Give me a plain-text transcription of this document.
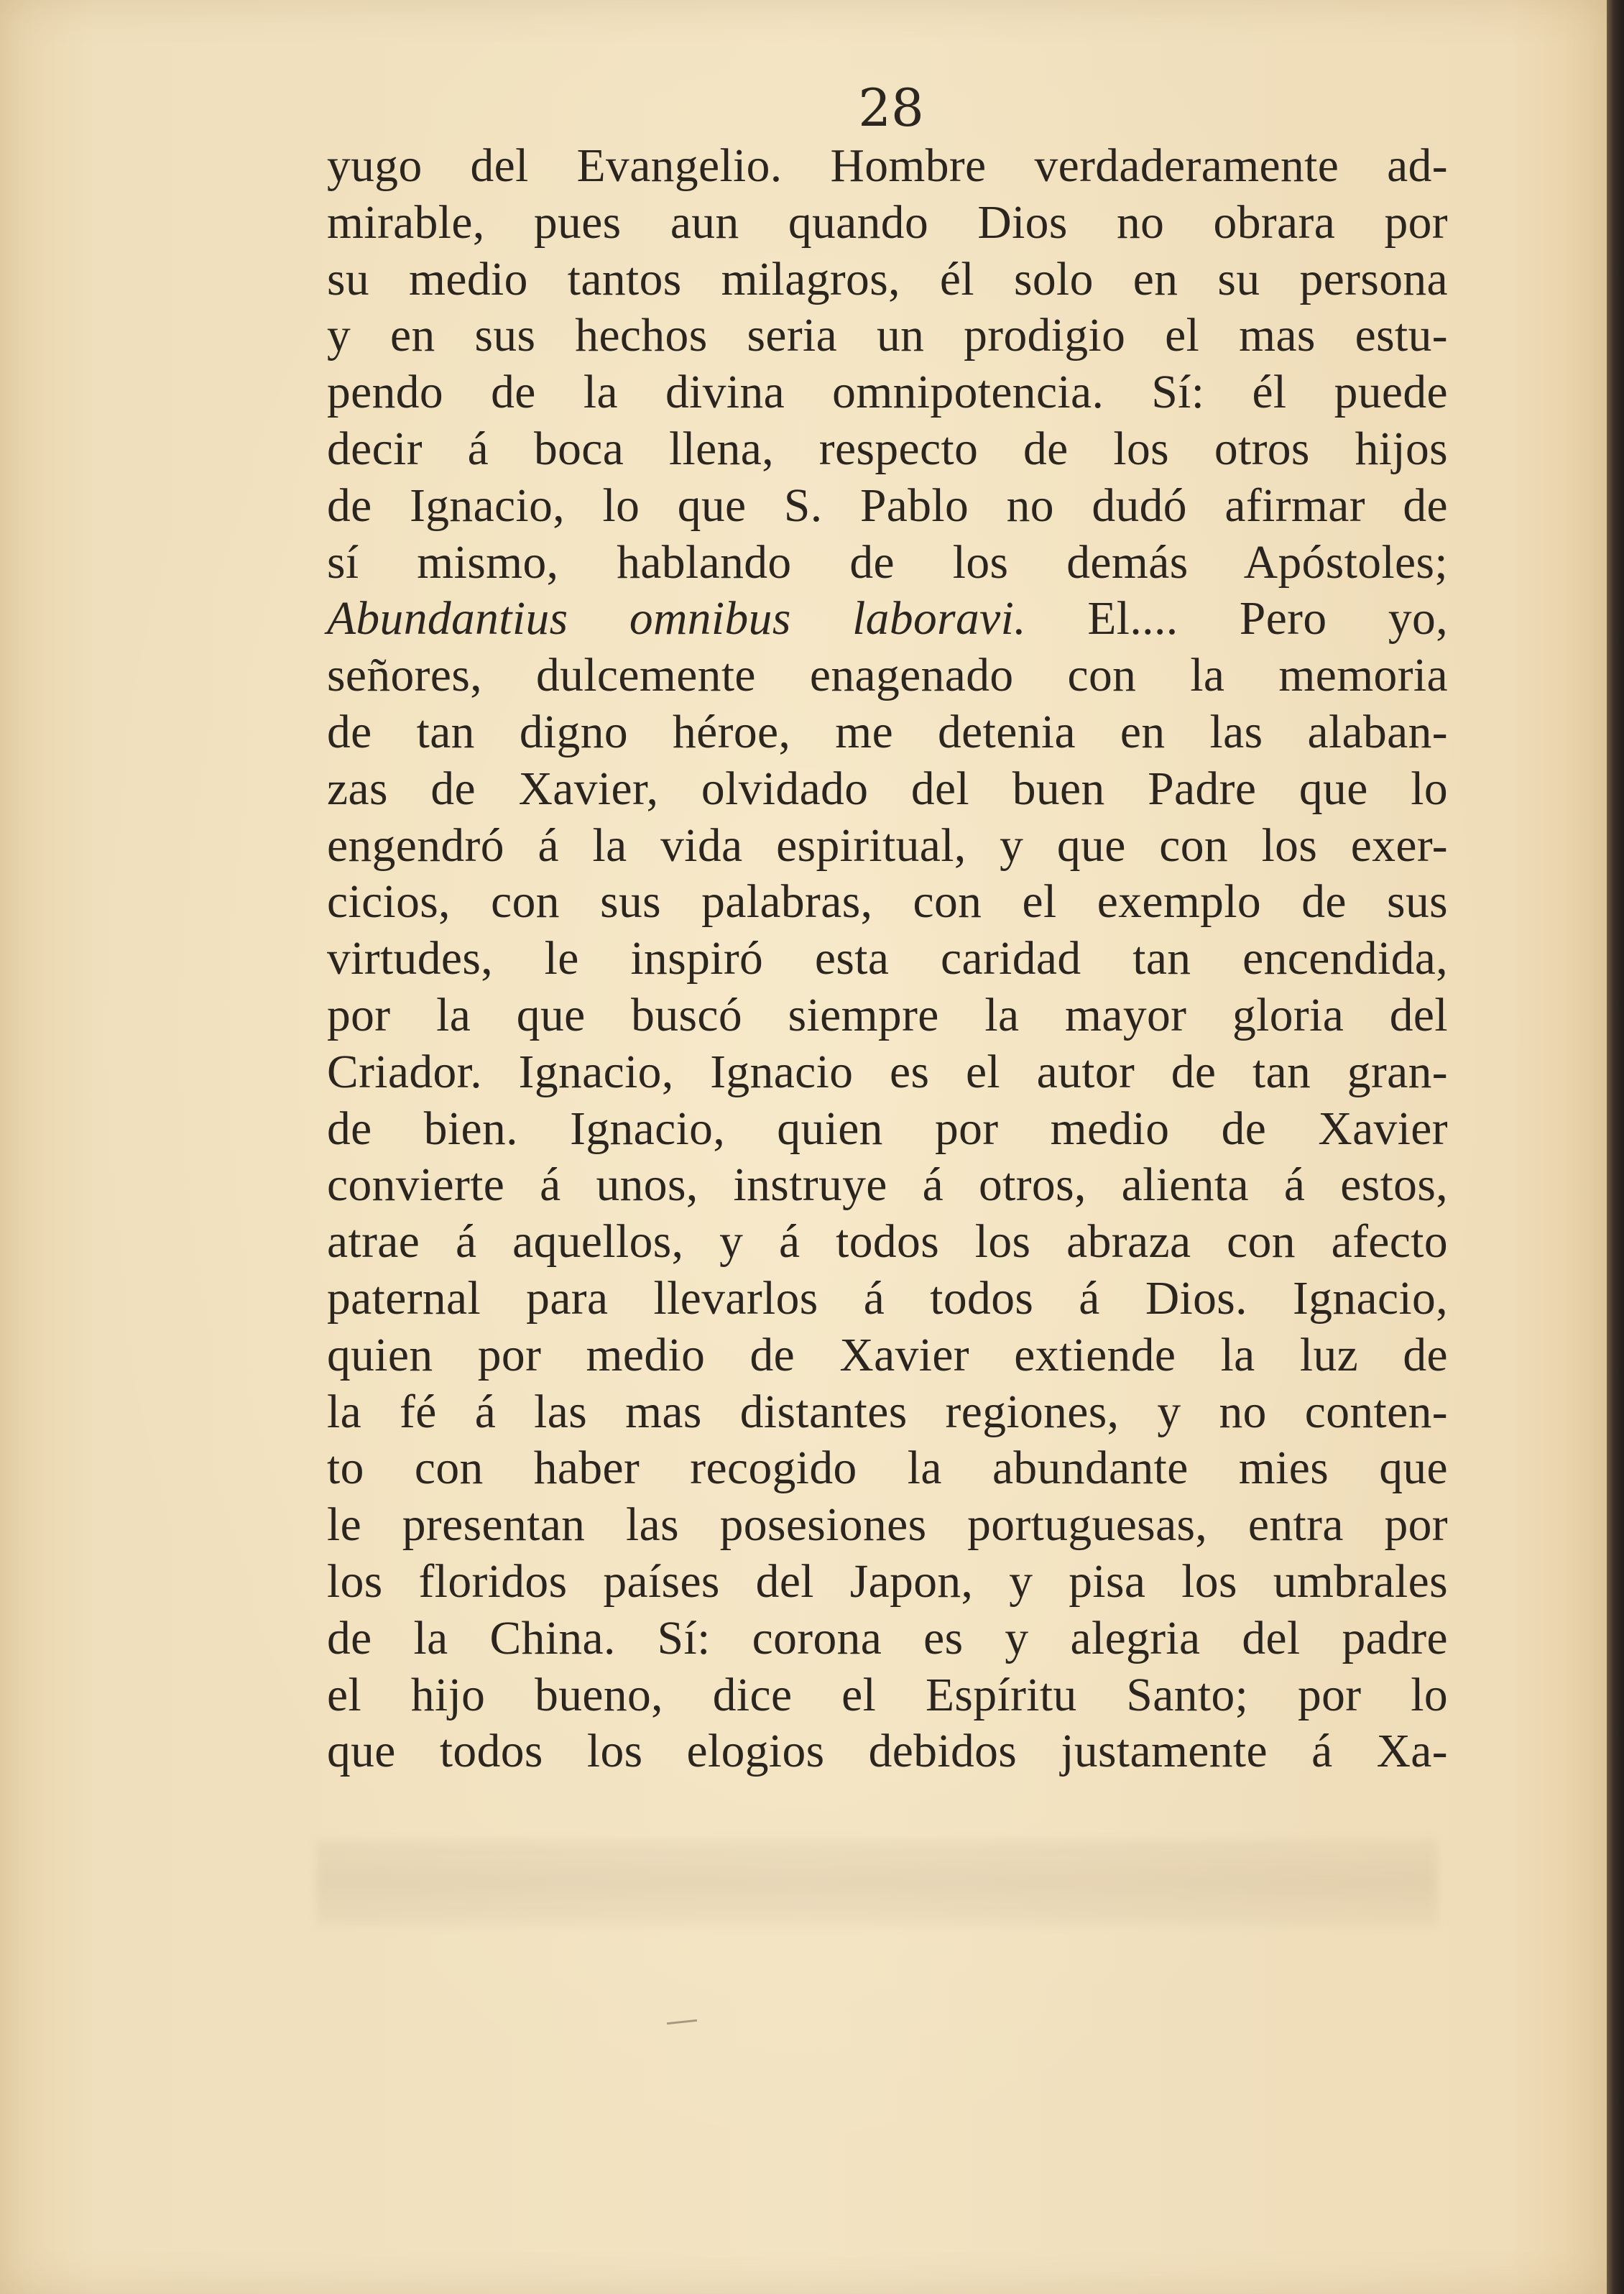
28
yugo del Evangelio. Hombre verdaderamente ad-
mirable, pues aun quando Dios no obrara por
su medio tantos milagros, él solo en su persona
y en sus hechos seria un prodigio el mas estu-
pendo de la divina omnipotencia. Sí: él puede
decir á boca llena, respecto de los otros hijos
de Ignacio, lo que S. Pablo no dudó afirmar de
sí mismo, hablando de los demás Apóstoles;
Abundantius omnibus laboravi. El.... Pero yo,
señores, dulcemente enagenado con la memoria
de tan digno héroe, me detenia en las alaban-
zas de Xavier, olvidado del buen Padre que lo
engendró á la vida espiritual, y que con los exer-
cicios, con sus palabras, con el exemplo de sus
virtudes, le inspiró esta caridad tan encendida,
por la que buscó siempre la mayor gloria del
Criador. Ignacio, Ignacio es el autor de tan gran-
de bien. Ignacio, quien por medio de Xavier
convierte á unos, instruye á otros, alienta á estos,
atrae á aquellos, y á todos los abraza con afecto
paternal para llevarlos á todos á Dios. Ignacio,
quien por medio de Xavier extiende la luz de
la fé á las mas distantes regiones, y no conten-
to con haber recogido la abundante mies que
le presentan las posesiones portuguesas, entra por
los floridos países del Japon, y pisa los umbrales
de la China. Sí: corona es y alegria del padre
el hijo bueno, dice el Espíritu Santo; por lo
que todos los elogios debidos justamente á Xa-
